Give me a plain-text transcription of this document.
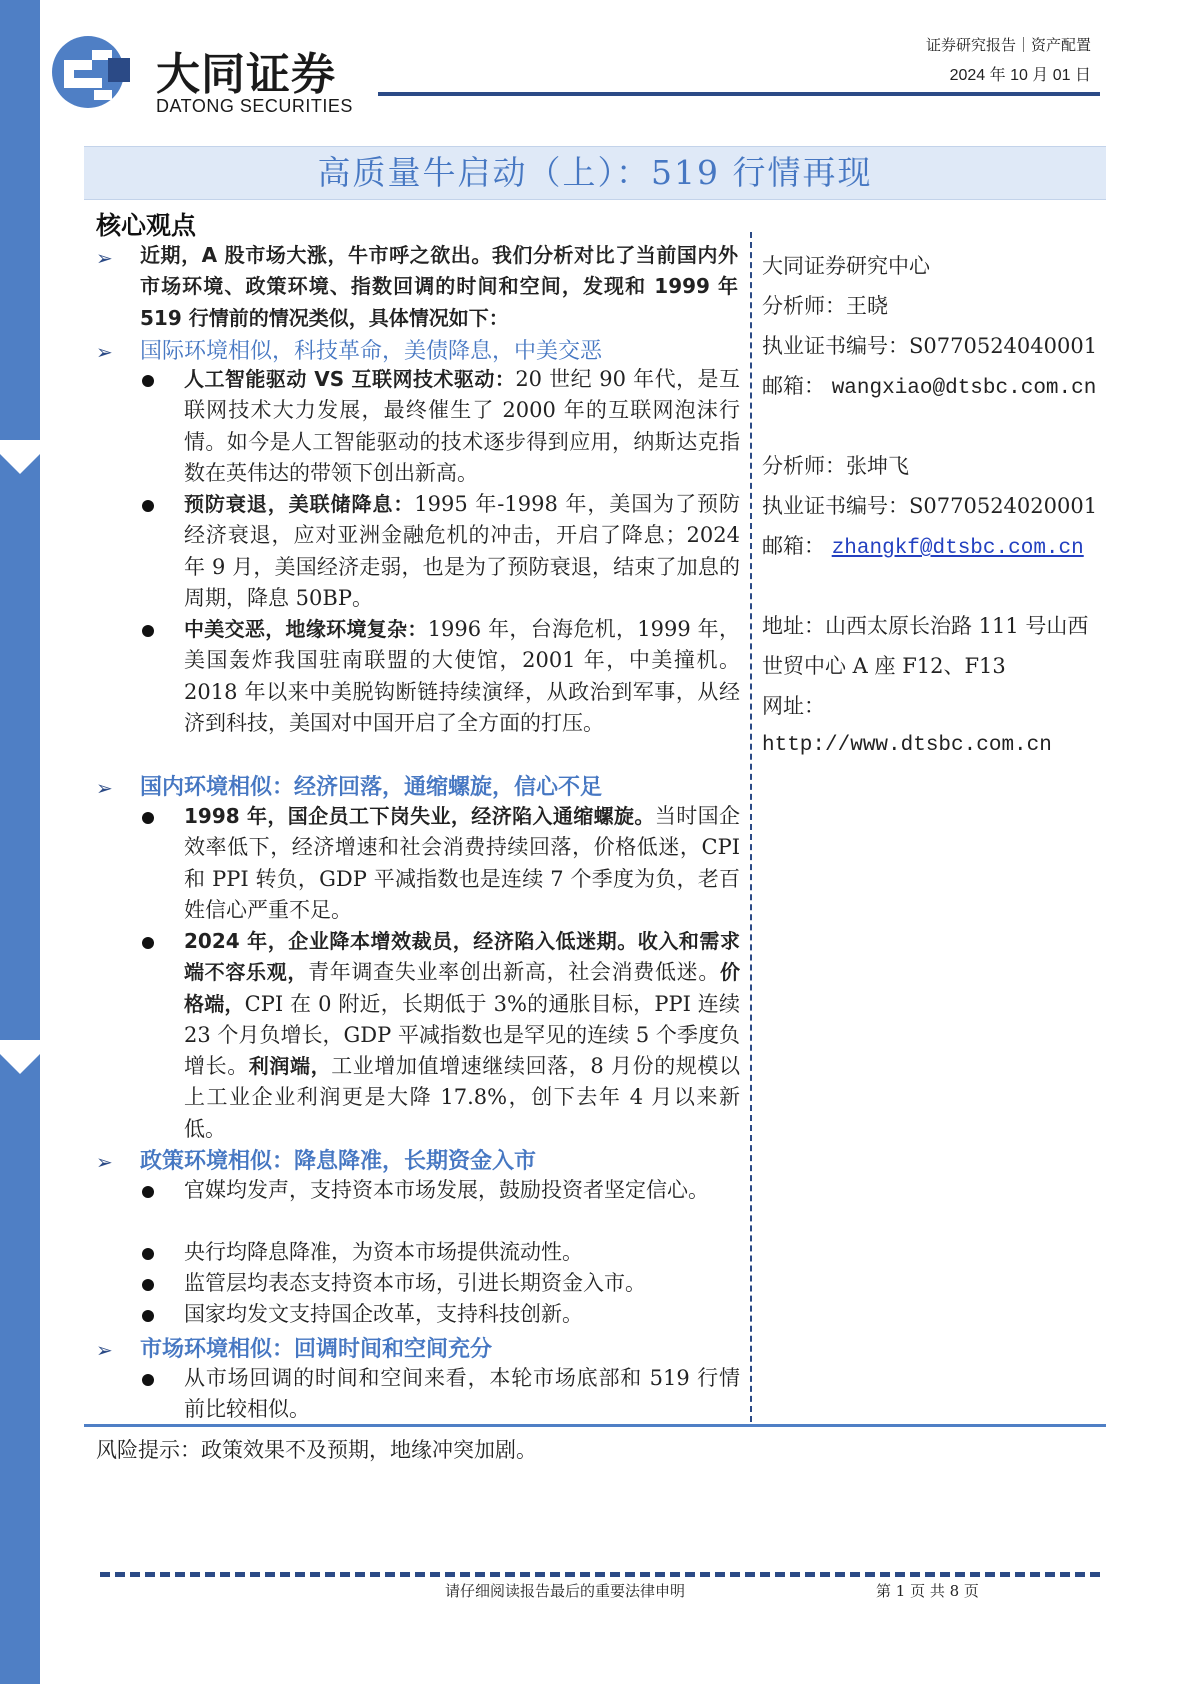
大同证券
DATONG SECURITIES
证券研究报告｜资产配置
2024 年 10 月 01 日
高质量牛启动（上）：519 行情再现
核心观点
➢ 近期，A 股市场大涨，牛市呼之欲出。我们分析对比了当前国内外市场环境、政策环境、指数回调的时间和空间，发现和 1999 年 519 行情前的情况类似，具体情况如下：
➢ 国际环境相似，科技革命，美债降息，中美交恶
人工智能驱动 VS 互联网技术驱动：20 世纪 90 年代，是互联网技术大力发展，最终催生了 2000 年的互联网泡沫行情。如今是人工智能驱动的技术逐步得到应用，纳斯达克指数在英伟达的带领下创出新高。
预防衰退，美联储降息：1995 年-1998 年，美国为了预防经济衰退，应对亚洲金融危机的冲击，开启了降息；2024 年 9 月，美国经济走弱，也是为了预防衰退，结束了加息的周期，降息 50BP。
中美交恶，地缘环境复杂：1996 年，台海危机，1999 年，美国轰炸我国驻南联盟的大使馆，2001 年，中美撞机。2018 年以来中美脱钩断链持续演绎，从政治到军事，从经济到科技，美国对中国开启了全方面的打压。
➢ 国内环境相似：经济回落，通缩螺旋，信心不足
1998 年，国企员工下岗失业，经济陷入通缩螺旋。当时国企效率低下，经济增速和社会消费持续回落，价格低迷，CPI 和 PPI 转负，GDP 平减指数也是连续 7 个季度为负，老百姓信心严重不足。
2024 年，企业降本增效裁员，经济陷入低迷期。收入和需求端不容乐观，青年调查失业率创出新高，社会消费低迷。价格端，CPI 在 0 附近，长期低于 3%的通胀目标，PPI 连续 23 个月负增长，GDP 平减指数也是罕见的连续 5 个季度负增长。利润端，工业增加值增速继续回落，8 月份的规模以上工业企业利润更是大降 17.8%，创下去年 4 月以来新低。
➢ 政策环境相似：降息降准，长期资金入市
官媒均发声，支持资本市场发展，鼓励投资者坚定信心。
央行均降息降准，为资本市场提供流动性。
监管层均表态支持资本市场，引进长期资金入市。
国家均发文支持国企改革，支持科技创新。
➢ 市场环境相似：回调时间和空间充分
从市场回调的时间和空间来看，本轮市场底部和 519 行情前比较相似。
大同证券研究中心
分析师：王晓
执业证书编号：S0770524040001
邮箱： wangxiao@dtsbc.com.cn
分析师：张坤飞
执业证书编号：S0770524020001
邮箱： zhangkf@dtsbc.com.cn
地址：山西太原长治路 111 号山西世贸中心 A 座 F12、F13
网址：
http://www.dtsbc.com.cn
风险提示：政策效果不及预期，地缘冲突加剧。
请仔细阅读报告最后的重要法律申明	第 1 页 共 8 页
